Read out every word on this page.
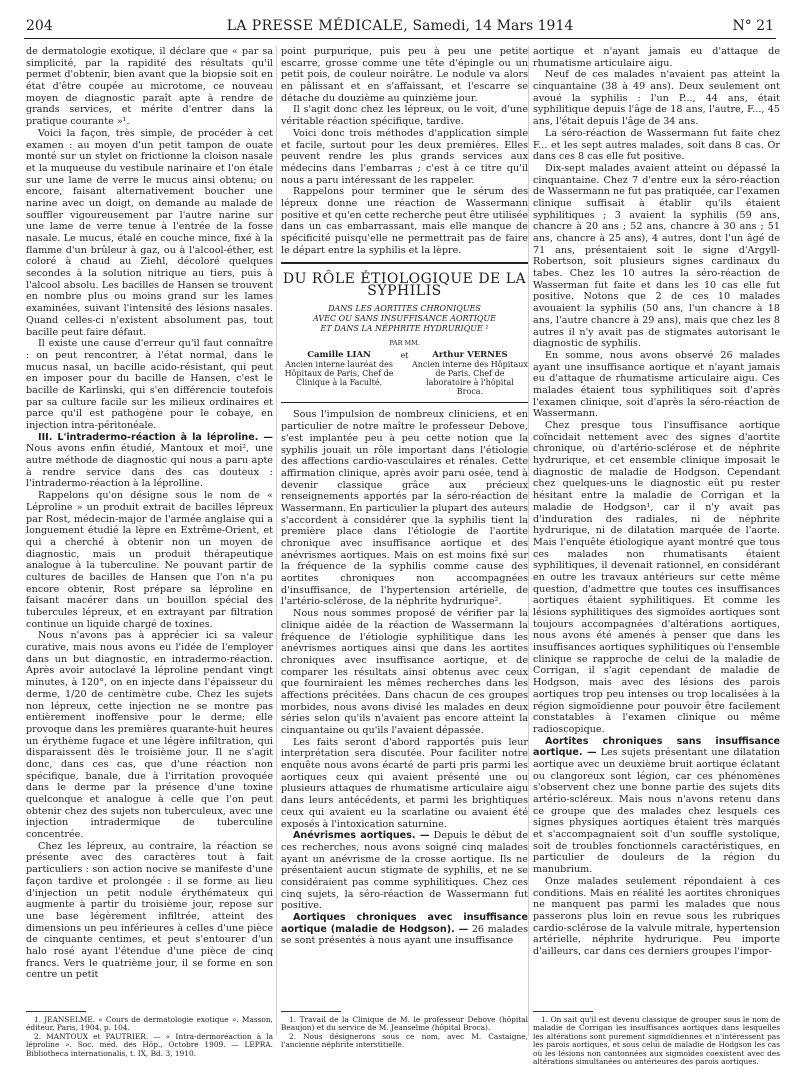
204	LA PRESSE MÉDICALE, Samedi, 14 Mars 1914	N° 21

de dermatologie exotique, il déclare que « par sa simplicité, par la rapidité des résultats qu'il permet d'obtenir, bien avant que la biopsie soit en état d'être coupée au microtome, ce nouveau moyen de diagnostic paraît apte à rendre de grands services, et mérite d'entrer dans la pratique courante »¹.

Voici la façon, très simple, de procéder à cet examen : au moyen d'un petit tampon de ouate monté sur un stylet on frictionne la cloison nasale et la muqueuse du vestibule narinaire et l'on étale sur une lame de verre le mucus ainsi obtenu; ou encore, faisant alternativement boucher une narine avec un doigt, on demande au malade de souffler vigoureusement par l'autre narine sur une lame de verre tenue à l'entrée de la fosse nasale. Le mucus, étalé en couche mince, fixé à la flamme d'un brûleur à gaz, ou à l'alcool-éther, est coloré à chaud au Ziehl, décoloré quelques secondes à la solution nitrique au tiers, puis à l'alcool absolu. Les bacilles de Hansen se trouvent en nombre plus ou moins grand sur les lames examinées, suivant l'intensité des lésions nasales. Quand celles-ci n'existent absolument pas, tout bacille peut faire défaut.

Il existe une cause d'erreur qu'il faut connaître : on peut rencontrer, à l'état normal, dans le mucus nasal, un bacille acido-résistant, qui peut en imposer pour du bacille de Hansen, c'est le bacille de Karlinski, qui s'en différencie toutefois par sa culture facile sur les milieux ordinaires et parce qu'il est pathogène pour le cobaye, en injection intra-péritonéale.

III. L'intradermo-réaction à la léproline. — Nous avons enfin étudié, Mantoux et moi², une autre méthode de diagnostic qui nous a paru apte à rendre service dans des cas douteux : l'intradermo-réaction à la léprolline.

Rappelons qu'on désigne sous le nom de « Léproline » un produit extrait de bacilles lépreux par Rost, médecin-major de l'armée anglaise qui a longuement étudié la lèpre en Extrême-Orient, et qui a cherché à obtenir non un moyen de diagnostic, mais un produit thérapeutique analogue à la tuberculine. Ne pouvant partir de cultures de bacilles de Hansen que l'on n'a pu encore obtenir, Rost prépare sa léproline en faisant macérer dans un bouillon spécial des tubercules lépreux, et en extrayant par filtration continue un liquide chargé de toxines.

Nous n'avons pas à apprécier ici sa valeur curative, mais nous avons eu l'idée de l'employer dans un but diagnostic, en intradermo-réaction. Après avoir autoclavé la léproline pendant vingt minutes, à 120°, on en injecte dans l'épaisseur du derme, 1/20 de centimètre cube. Chez les sujets non lépreux, cette injection ne se montre pas entièrement inoffensive pour le derme; elle provoque dans les premières quarante-huit heures un érythème fugace et une légère infiltration, qui disparaissent dès le troisième jour. Il ne s'agit donc, dans ces cas, que d'une réaction non spécifique, banale, due à l'irritation provoquée dans le derme par la présence d'une toxine quelconque et analogue à celle que l'on peut obtenir chez des sujets non tuberculeux, avec une injection intradermique de tuberculine concentrée.

Chez les lépreux, au contraire, la réaction se présente avec des caractères tout à fait particuliers : son action nocive se manifeste d'une façon tardive et prolongée : il se forme au lieu d'injection un petit nodule érythémateux qui augmente à partir du troisième jour, repose sur une base légèrement infiltrée, atteint des dimensions un peu inférieures à celles d'une pièce de cinquante centimes, et peut s'entourer d'un halo rosé ayant l'étendue d'une pièce de cinq francs. Vers le quatrième jour, il se forme en son centre un petit

point purpurique, puis peu à peu une petite escarre, grosse comme une tête d'épingle ou un petit pois, de couleur noirâtre. Le nodule va alors en pâlissant et en s'affaissant, et l'escarre se détache du douzième au quinzième jour.

Il s'agit donc chez les lépreux, ou le voit, d'une véritable réaction spécifique, tardive.

Voici donc trois méthodes d'application simple et facile, surtout pour les deux premières. Elles peuvent rendre les plus grands services aux médecins dans l'embarras ; c'est à ce titre qu'il nous a paru intéressant de les rappeler.

Rappelons pour terminer que le sérum des lépreux donne une réaction de Wassermann positive et qu'en cette recherche peut être utilisée dans un cas embarrassant, mais elle manque de spécificité puisqu'elle ne permettrait pas de faire le départ entre la syphilis et la lèpre.

DU RÔLE ÉTIOLOGIQUE DE LA SYPHILIS
DANS LES AORTITES CHRONIQUES
AVEC OU SANS INSUFFISANCE AORTIQUE
ET DANS LA NÉPHRITE HYDRURIQUE ¹
PAR MM.
Camille LIAN
Ancien interne lauréat des Hôpitaux de Paris, Chef de Clinique à la Faculté.
et	Arthur VERNES
Ancien interne des Hôpitaux de Paris. Chef de laboratoire à l'hôpital Broca.

Sous l'impulsion de nombreux cliniciens, et en particulier de notre maître le professeur Debove, s'est implantée peu à peu cette notion que la syphilis jouait un rôle important dans l'étiologie des affections cardio-vasculaires et rénales. Cette affirmation clinique, après avoir paru osée, tend à devenir classique grâce aux précieux renseignements apportés par la séro-réaction de Wassermann. En particulier la plupart des auteurs s'accordent à considérer que la syphilis tient la première place dans l'étiologie de l'aortite chronique avec insuffisance aortique et des anévrismes aortiques. Mais on est moins fixé sur la fréquence de la syphilis comme cause des aortites chroniques non accompagnées d'insuffisance, de l'hypertension artérielle, de l'artério-sclérose, de la néphrite hydrurique².

Nous nous sommes proposé de vérifier par la clinique aidée de la réaction de Wassermann la fréquence de l'étiologie syphilitique dans les anévrismes aortiques ainsi que dans les aortites chroniques avec insuffisance aortique, et de comparer les résultats ainsi obtenus avec ceux que fourniraient les mêmes recherches dans les affections précitées. Dans chacun de ces groupes morbides, nous avons divisé les malades en deux séries selon qu'ils n'avaient pas encore atteint la cinquantaine ou qu'ils l'avaient dépassée.

Les faits seront d'abord rapportés puis leur interprétation sera discutée. Pour faciliter notre enquête nous avons écarté de parti pris parmi les aortiques ceux qui avaient présenté une ou plusieurs attaques de rhumatisme articulaire aigu dans leurs antécédents, et parmi les brightiques ceux qui avaient eu la scarlatine ou avaient été exposés à l'intoxication saturnine.

Anévrismes aortiques. — Depuis le début de ces recherches, nous avons soigné cinq malades ayant un anévrisme de la crosse aortique. Ils ne présentaient aucun stigmate de syphilis, et ne se considéraient pas comme syphilitiques. Chez ces cinq sujets, la séro-réaction de Wassermann fut positive.

Aortiques chroniques avec insuffisance aortique (maladie de Hodgson). — 26 malades se sont présentés à nous ayant une insuffisance

aortique et n'ayant jamais eu d'attaque de rhumatisme articulaire aigu.

Neuf de ces malades n'avaient pas atteint la cinquantaine (38 à 49 ans). Deux seulement ont avoué la syphilis : l'un P..., 44 ans, était syphilitique depuis l'âge de 18 ans, l'autre, F..., 45 ans, l'était depuis l'âge de 34 ans.

La séro-réaction de Wassermann fut faite chez F... et les sept autres malades, soit dans 8 cas. Or dans ces 8 cas elle fut positive.

Dix-sept malades avaient atteint ou dépassé la cinquantaine. Chez 7 d'entre eux la séro-réaction de Wassermann ne fut pas pratiquée, car l'examen clinique suffisait à établir qu'ils étaient syphilitiques ; 3 avaient la syphilis (59 ans, chancre à 20 ans ; 52 ans, chancre à 30 ans ; 51 ans, chancre à 25 ans), 4 autres, dont l'un âgé de 71 ans, présentaient soit le signe d'Argyll-Robertson, soit plusieurs signes cardinaux du tabes. Chez les 10 autres la séro-réaction de Wasserman fut faite et dans les 10 cas elle fut positive. Notons que 2 de ces 10 malades avouaient la syphilis (50 ans, l'un chancre à 18 ans, l'autre chancre à 29 ans), mais que chez les 8 autres il n'y avait pas de stigmates autorisant le diagnostic de syphilis.

En somme, nous avons observé 26 malades ayant une insuffisance aortique et n'ayant jamais eu d'attaque de rhumatisme articulaire aigu. Ces malades étaient tous syphilitiques soit d'après l'examen clinique, soit d'après la séro-réaction de Wassermann.

Chez presque tous l'insuffisance aortique coïncidait nettement avec des signes d'aortite chronique, où d'artério-sclérose et de néphrite hydrurique, et cet ensemble clinique imposait le diagnostic de maladie de Hodgson. Cependant chez quelques-uns le diagnostic eût pu rester hésitant entre la maladie de Corrigan et la maladie de Hodgson¹, car il n'y avait pas d'induration des radiales, ni de néphrite hydrurique, ni de dilatation marquée de l'aorte. Mais l'enquête étiologique ayant montré que tous ces malades non rhumatisants étaient syphilitiques, il devenait rationnel, en considérant en outre les travaux antérieurs sur cette même question, d'admettre que toutes ces insuffisances aortiques étaient syphilitiques. Et comme les lésions syphilitiques des sigmoïdes aortiques sont toujours accompagnées d'altérations aortiques, nous avons été amenés à penser que dans les insuffisances aortiques syphilitiques où l'ensemble clinique se rapproche de celui de la maladie de Corrigan, il s'agit cependant de maladie de Hodgson, mais avec des lésions des parois aortiques trop peu intenses ou trop localisées à la région sigmoïdienne pour pouvoir être facilement constatables à l'examen clinique ou même radioscopique.

Aortites chroniques sans insuffisance aortique. — Les sujets présentant une dilatation aortique avec un deuxième bruit aortique éclatant ou clangoreux sont légion, car ces phénomènes s'observent chez une bonne partie des sujets dits artério-scléreux. Mais nous n'avons retenu dans ce groupe que des malades chez lesquels ces signes physiques aortiques étaient très marqués et s'accompagnaient soit d'un souffle systolique, soit de troubles fonctionnels caractéristiques, en particulier de douleurs de la région du manubrium.

Onze malades seulement répondaient à ces conditions. Mais en réalité les aortites chroniques ne manquent pas parmi les malades que nous passerons plus loin en revue sous les rubriques cardio-sclérose de la valvule mitrale, hypertension artérielle, néphrite hydrurique. Peu importe d'ailleurs, car dans ces derniers groupes l'impor-

1. JEANSELME. « Cours de dermatologie exotique ». Masson, éditeur, Paris, 1904, p. 104.

2. MANTOUX et PAUTRIER. — « Intra-dermoréaction à la léproline ». Soc. méd. des Hôp., Octobre 1909. — LEPRA. Bibliotheca internationalis, t. IX, Bd. 3, 1910.

1. Travail de la Clinique de M. le professeur Debove (hôpital Beaujon) et du service de M. Jeanselme (hôpital Broca).

2. Nous désignerons sous ce nom, avec M. Castaigne, l'ancienne néphrite interstitielle.

1. On sait qu'il est devenu classique de grouper sous le nom de maladie de Corrigan les insuffisances aortiques dans lesquelles les altérations sont purement sigmoïdiennes et n'intéressent pas les parois aortiques, et sous celui de maladie de Hodgson les cas où les lésions non cantonnées aux sigmoïdes coexistent avec des altérations simultanées ou antérieures des parois aortiques.
